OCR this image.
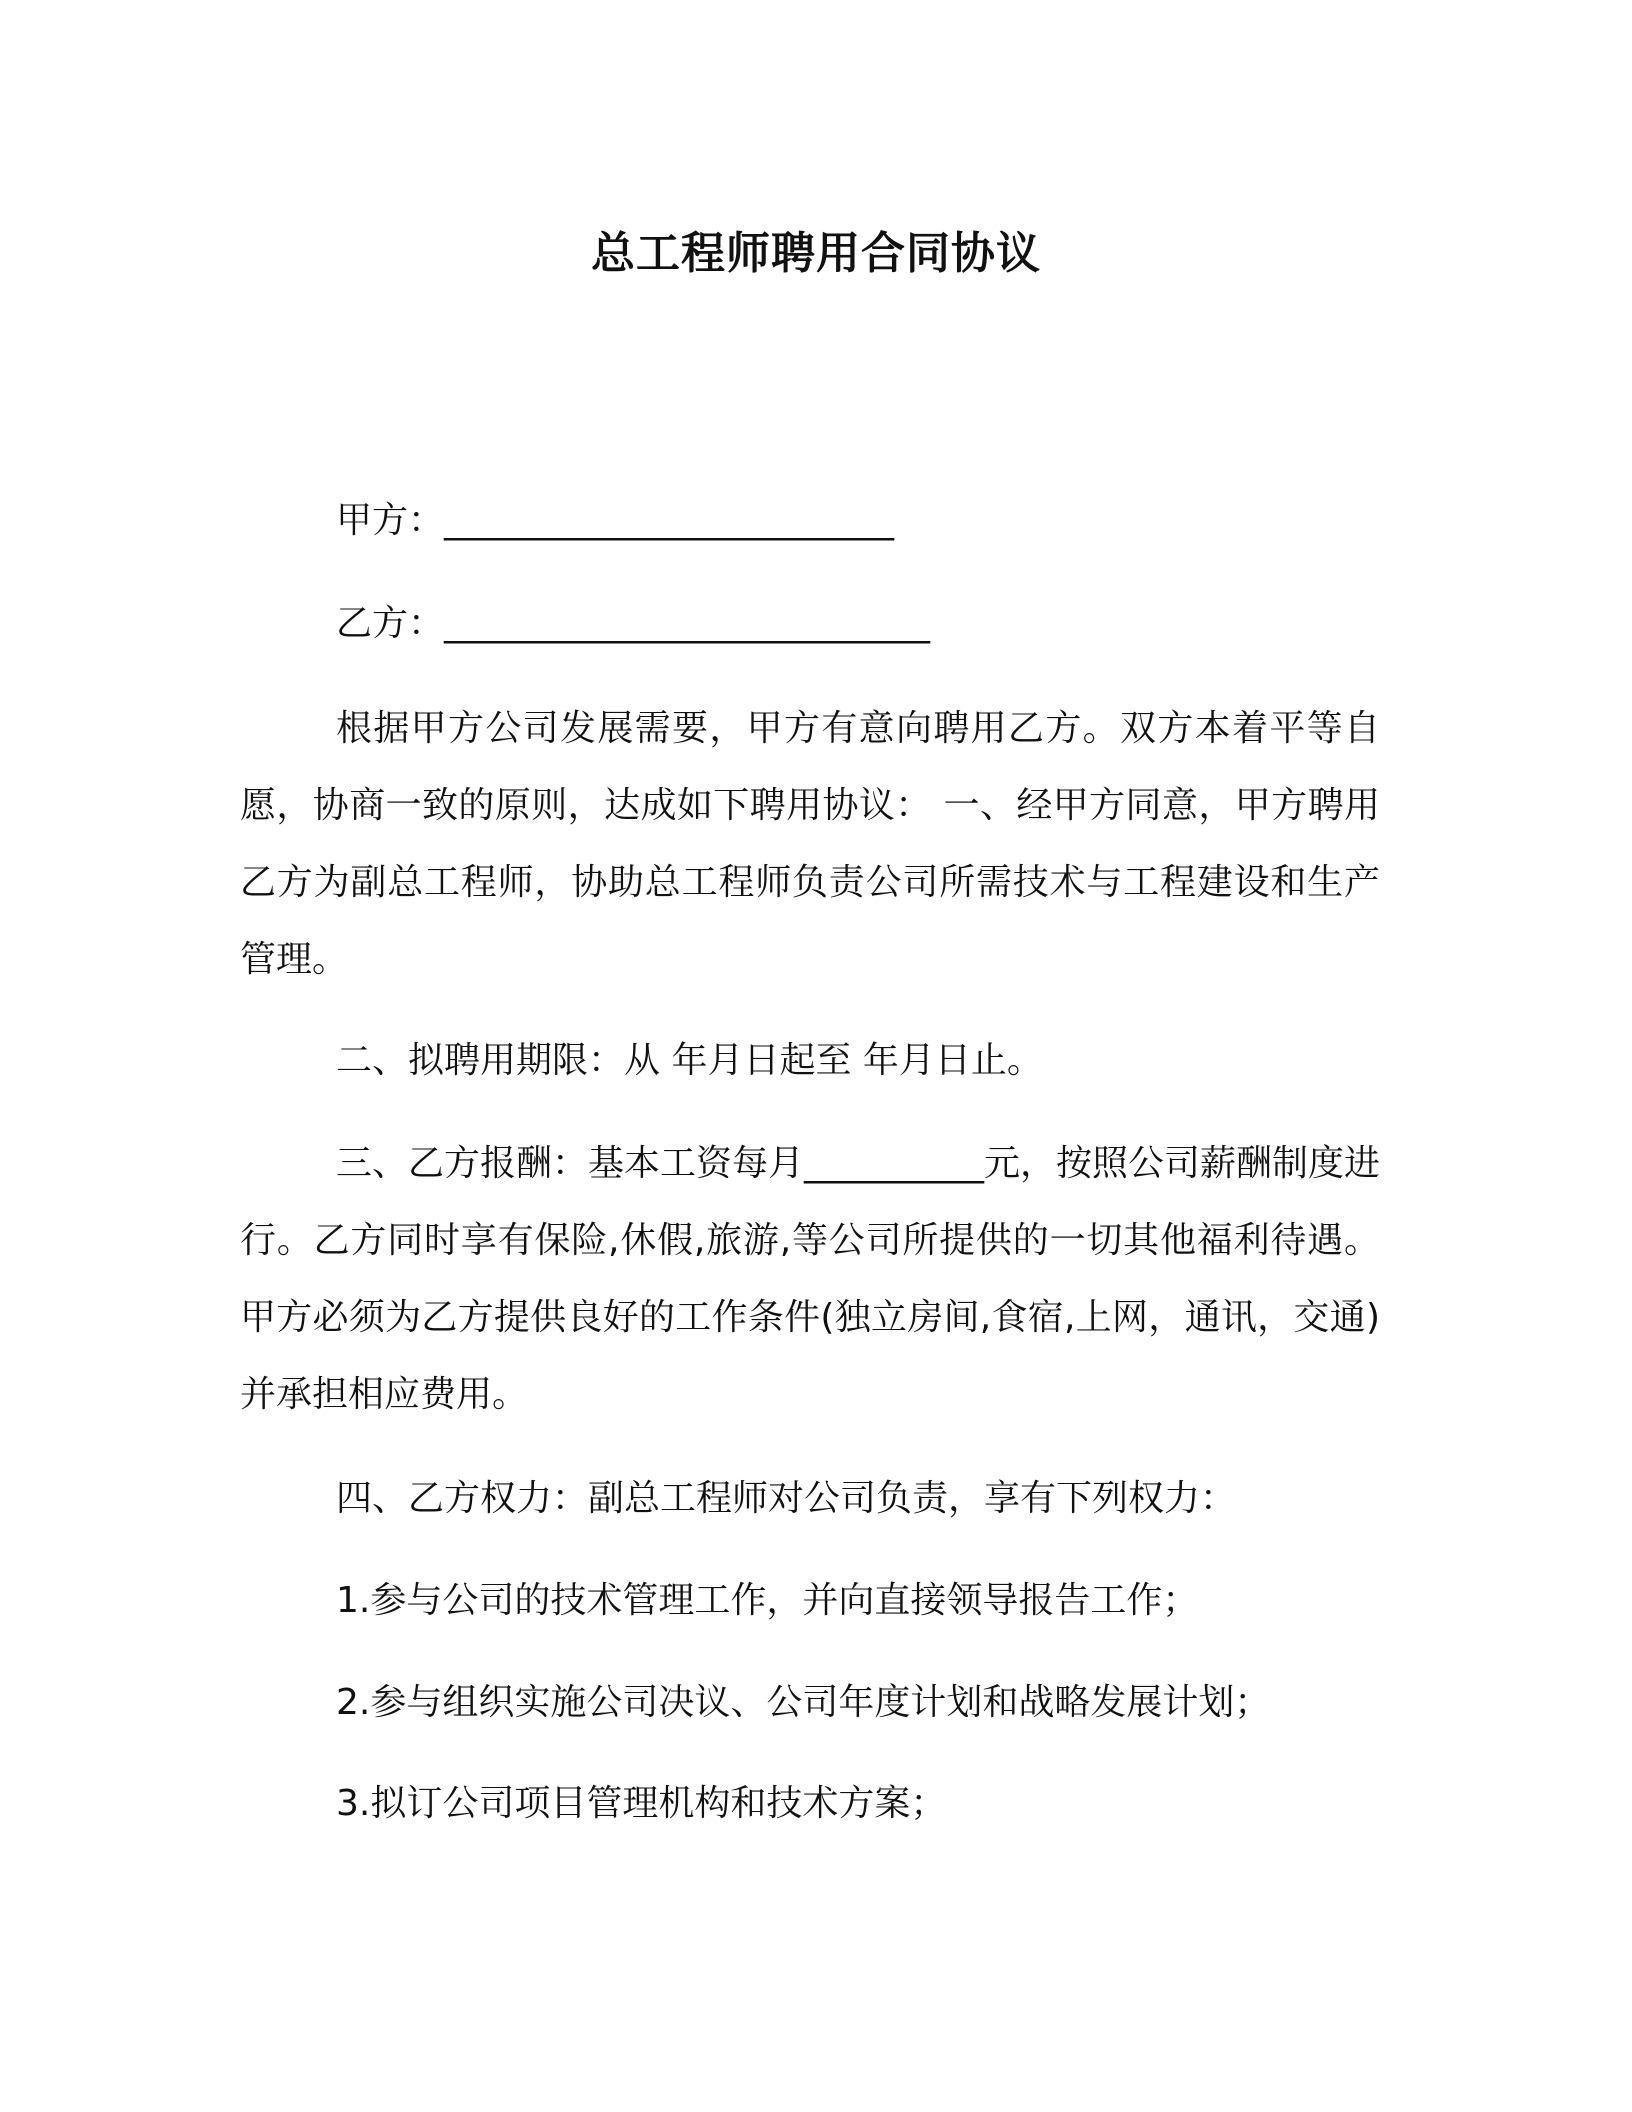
总工程师聘用合同协议
甲方：_________________________
乙方：___________________________

根据甲方公司发展需要，甲方有意向聘用乙方。双方本着平等自愿，协商一致的原则，达成如下聘用协议： 一、经甲方同意，甲方聘用乙方为副总工程师，协助总工程师负责公司所需技术与工程建设和生产管理。

二、拟聘用期限：从 年月日起至 年月日止。

三、乙方报酬：基本工资每月__________元，按照公司薪酬制度进行。乙方同时享有保险,休假,旅游,等公司所提供的一切其他福利待遇。甲方必须为乙方提供良好的工作条件(独立房间,食宿,上网，通讯，交通)并承担相应费用。

四、乙方权力：副总工程师对公司负责，享有下列权力：
1.参与公司的技术管理工作，并向直接领导报告工作；
2.参与组织实施公司决议、公司年度计划和战略发展计划；
3.拟订公司项目管理机构和技术方案；
